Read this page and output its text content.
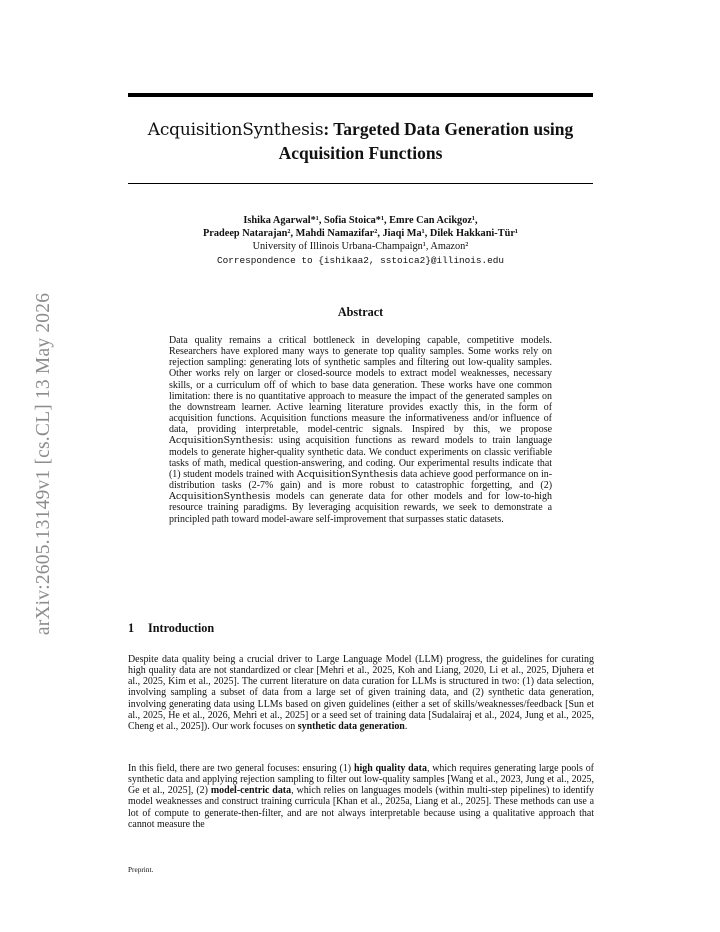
arXiv:2605.13149v1 [cs.CL] 13 May 2026
AcquisitionSynthesis: Targeted Data Generation using Acquisition Functions
Ishika Agarwal*¹, Sofia Stoica*¹, Emre Can Acikgoz¹,
Pradeep Natarajan², Mahdi Namazifar², Jiaqi Ma¹, Dilek Hakkani-Tür¹
University of Illinois Urbana-Champaign¹, Amazon²
Correspondence to {ishikaa2, sstoica2}@illinois.edu
Abstract

Data quality remains a critical bottleneck in developing capable, competitive models. Researchers have explored many ways to generate top quality samples. Some works rely on rejection sampling: generating lots of synthetic samples and filtering out low-quality samples. Other works rely on larger or closed-source models to extract model weaknesses, necessary skills, or a curriculum off of which to base data generation. These works have one common limitation: there is no quantitative approach to measure the impact of the generated samples on the downstream learner. Active learning literature provides exactly this, in the form of acquisition functions. Acquisition functions measure the informativeness and/or influence of data, providing interpretable, model-centric signals. Inspired by this, we propose AcquisitionSynthesis: using acquisition functions as reward models to train language models to generate higher-quality synthetic data. We conduct experiments on classic verifiable tasks of math, medical question-answering, and coding. Our experimental results indicate that (1) student models trained with AcquisitionSynthesis data achieve good performance on in-distribution tasks (2-7% gain) and is more robust to catastrophic forgetting, and (2) AcquisitionSynthesis models can generate data for other models and for low-to-high resource training paradigms. By leveraging acquisition rewards, we seek to demonstrate a principled path toward model-aware self-improvement that surpasses static datasets.

1 Introduction

Despite data quality being a crucial driver to Large Language Model (LLM) progress, the guidelines for curating high quality data are not standardized or clear [Mehri et al., 2025, Koh and Liang, 2020, Li et al., 2025, Djuhera et al., 2025, Kim et al., 2025]. The current literature on data curation for LLMs is structured in two: (1) data selection, involving sampling a subset of data from a large set of given training data, and (2) synthetic data generation, involving generating data using LLMs based on given guidelines (either a set of skills/weaknesses/feedback [Sun et al., 2025, He et al., 2026, Mehri et al., 2025] or a seed set of training data [Sudalairaj et al., 2024, Jung et al., 2025, Cheng et al., 2025]). Our work focuses on synthetic data generation.

In this field, there are two general focuses: ensuring (1) high quality data, which requires generating large pools of synthetic data and applying rejection sampling to filter out low-quality samples [Wang et al., 2023, Jung et al., 2025, Ge et al., 2025], (2) model-centric data, which relies on languages models (within multi-step pipelines) to identify model weaknesses and construct training curricula [Khan et al., 2025a, Liang et al., 2025]. These methods can use a lot of compute to generate-then-filter, and are not always interpretable because using a qualitative approach that cannot measure the

Preprint.
